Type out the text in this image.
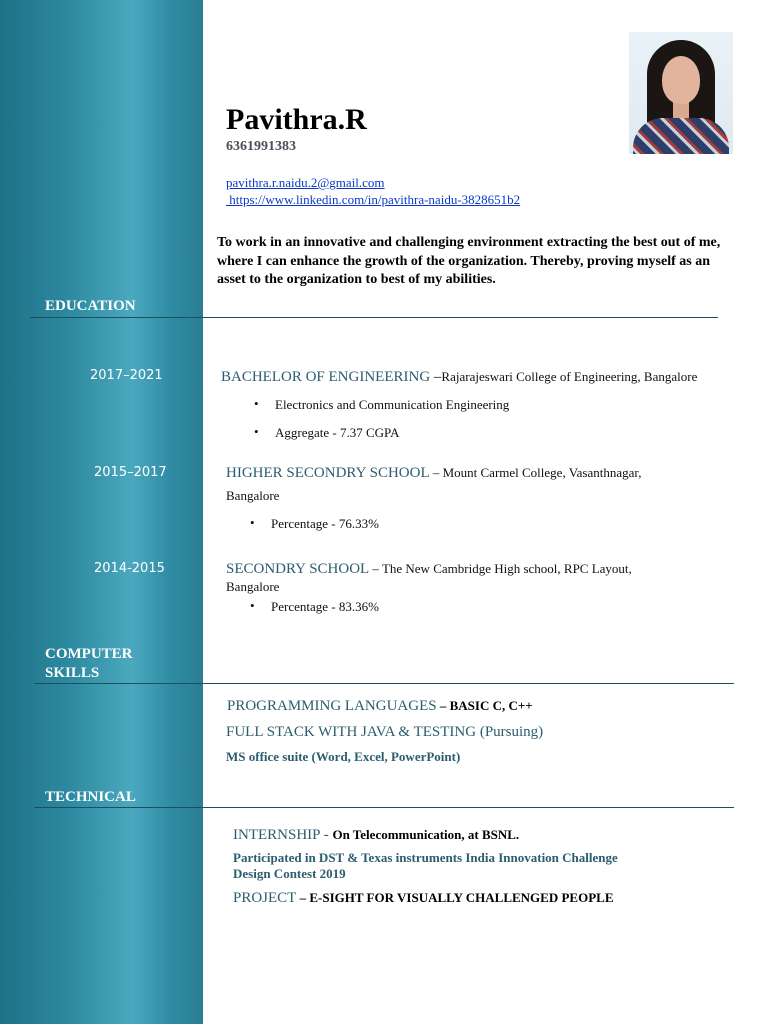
Pavithra.R
6361991383
pavithra.r.naidu.2@gmail.com
https://www.linkedin.com/in/pavithra-naidu-3828651b2
To work in an innovative and challenging environment extracting the best out of me, where I can enhance the growth of the organization. Thereby, proving myself as an asset to the organization to best of my abilities.
EDUCATION
2017–2021	BACHELOR OF ENGINEERING –Rajarajeswari College of Engineering, Bangalore
• Electronics and Communication Engineering
• Aggregate - 7.37 CGPA
2015–2017	HIGHER SECONDRY SCHOOL – Mount Carmel College, Vasanthnagar,
Bangalore
• Percentage - 76.33%
2014-2015	SECONDRY SCHOOL – The New Cambridge High school, RPC Layout,
Bangalore
• Percentage - 83.36%
COMPUTER
SKILLS
PROGRAMMING LANGUAGES – BASIC C, C++
FULL STACK WITH JAVA & TESTING (Pursuing)
MS office suite (Word, Excel, PowerPoint)
TECHNICAL
INTERNSHIP - On Telecommunication, at BSNL.
Participated in DST & Texas instruments India Innovation Challenge
Design Contest 2019
PROJECT – E-SIGHT FOR VISUALLY CHALLENGED PEOPLE
